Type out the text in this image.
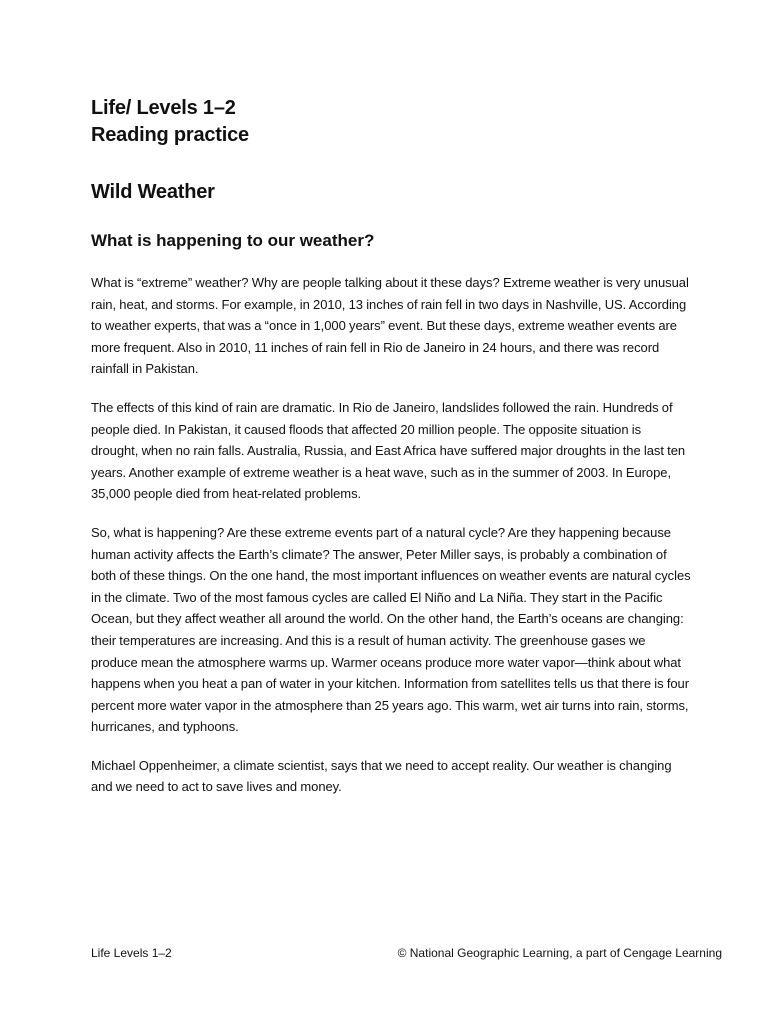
Life/ Levels 1–2

Reading practice

Wild Weather
What is happening to our weather?

What is “extreme” weather? Why are people talking about it these days? Extreme weather is very unusual rain, heat, and storms. For example, in 2010, 13 inches of rain fell in two days in Nashville, US. According to weather experts, that was a “once in 1,000 years” event. But these days, extreme weather events are more frequent. Also in 2010, 11 inches of rain fell in Rio de Janeiro in 24 hours, and there was record rainfall in Pakistan.

The effects of this kind of rain are dramatic. In Rio de Janeiro, landslides followed the rain. Hundreds of people died. In Pakistan, it caused floods that affected 20 million people. The opposite situation is drought, when no rain falls. Australia, Russia, and East Africa have suffered major droughts in the last ten years. Another example of extreme weather is a heat wave, such as in the summer of 2003. In Europe, 35,000 people died from heat-related problems.

So, what is happening? Are these extreme events part of a natural cycle? Are they happening because human activity affects the Earth’s climate? The answer, Peter Miller says, is probably a combination of both of these things. On the one hand, the most important influences on weather events are natural cycles in the climate. Two of the most famous cycles are called El Niño and La Niña. They start in the Pacific Ocean, but they affect weather all around the world. On the other hand, the Earth’s oceans are changing: their temperatures are increasing. And this is a result of human activity. The greenhouse gases we produce mean the atmosphere warms up. Warmer oceans produce more water vapor—think about what happens when you heat a pan of water in your kitchen. Information from satellites tells us that there is four percent more water vapor in the atmosphere than 25 years ago. This warm, wet air turns into rain, storms, hurricanes, and typhoons.

Michael Oppenheimer, a climate scientist, says that we need to accept reality. Our weather is changing and we need to act to save lives and money.

Life Levels 1–2	© National Geographic Learning, a part of Cengage Learning
